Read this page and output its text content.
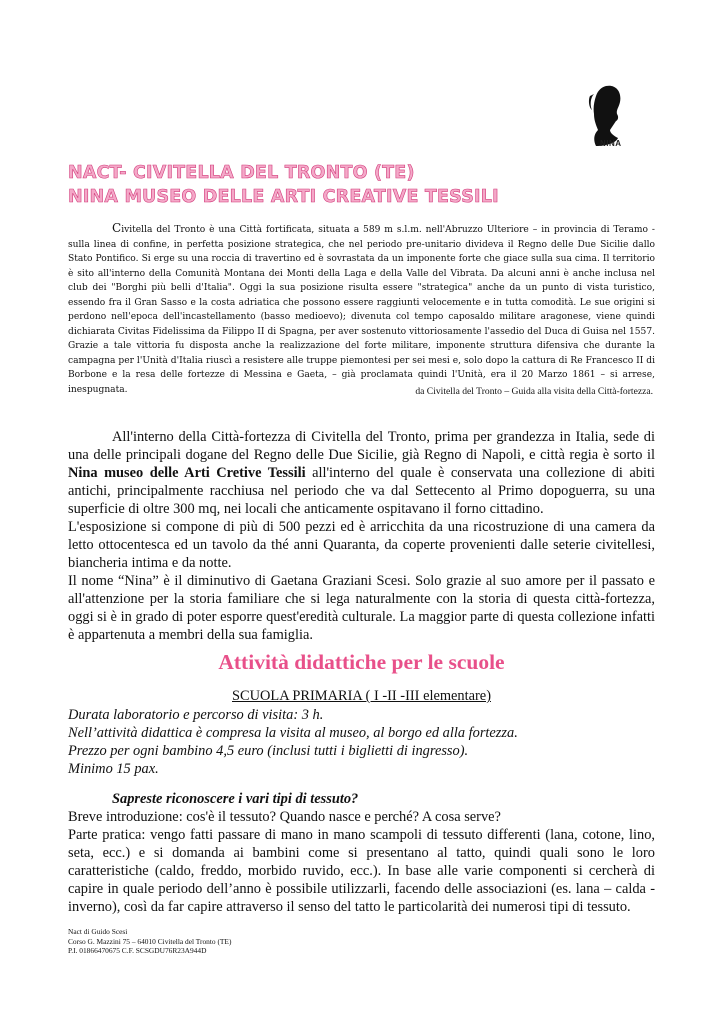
NINA
NACT- CIVITELLA DEL TRONTO (TE)
NINA MUSEO DELLE ARTI CREATIVE TESSILI
Civitella del Tronto è una Città fortificata, situata a 589 m s.l.m. nell'Abruzzo Ulteriore – in provincia di Teramo - sulla linea di confine, in perfetta posizione strategica, che nel periodo pre-unitario divideva il Regno delle Due Sicilie dallo Stato Pontifico. Si erge su una roccia di travertino ed è sovrastata da un imponente forte che giace sulla sua cima. Il territorio è sito all'interno della Comunità Montana dei Monti della Laga e della Valle del Vibrata. Da alcuni anni è anche inclusa nel club dei "Borghi più belli d'Italia". Oggi la sua posizione risulta essere "strategica" anche da un punto di vista turistico, essendo fra il Gran Sasso e la costa adriatica che possono essere raggiunti velocemente e in tutta comodità. Le sue origini si perdono nell'epoca dell'incastellamento (basso medioevo); divenuta col tempo caposaldo militare aragonese, viene quindi dichiarata Civitas Fidelissima da Filippo II di Spagna, per aver sostenuto vittoriosamente l'assedio del Duca di Guisa nel 1557. Grazie a tale vittoria fu disposta anche la realizzazione del forte militare, imponente struttura difensiva che durante la campagna per l'Unità d'Italia riuscì a resistere alle truppe piemontesi per sei mesi e, solo dopo la cattura di Re Francesco II di Borbone e la resa delle fortezze di Messina e Gaeta, – già proclamata quindi l'Unità, era il 20 Marzo 1861 – si arrese, inespugnata.	da Civitella del Tronto – Guida alla visita della Città-fortezza.

All'interno della Città-fortezza di Civitella del Tronto, prima per grandezza in Italia, sede di una delle principali dogane del Regno delle Due Sicilie, già Regno di Napoli, e città regia è sorto il Nina museo delle Arti Cretive Tessili all'interno del quale è conservata una collezione di abiti antichi, principalmente racchiusa nel periodo che va dal Settecento al Primo dopoguerra, su una superficie di oltre 300 mq, nei locali che anticamente ospitavano il forno cittadino.

L'esposizione si compone di più di 500 pezzi ed è arricchita da una ricostruzione di una camera da letto ottocentesca ed un tavolo da thé anni Quaranta, da coperte provenienti dalle seterie civitellesi, biancheria intima e da notte.

Il nome “Nina” è il diminutivo di Gaetana Graziani Scesi. Solo grazie al suo amore per il passato e all'attenzione per la storia familiare che si lega naturalmente con la storia di questa città-fortezza, oggi si è in grado di poter esporre quest'eredità culturale. La maggior parte di questa collezione infatti è appartenuta a membri della sua famiglia.

Attività didattiche per le scuole
SCUOLA PRIMARIA ( I -II -III elementare)
Durata laboratorio e percorso di visita: 3 h.
Nell’attività didattica è compresa la visita al museo, al borgo ed alla fortezza.
Prezzo per ogni bambino 4,5 euro (inclusi tutti i biglietti di ingresso).
Minimo 15 pax.
Sapreste riconoscere i vari tipi di tessuto?

Breve introduzione: cos'è il tessuto? Quando nasce e perché? A cosa serve?

Parte pratica: vengo fatti passare di mano in mano scampoli di tessuto differenti (lana, cotone, lino, seta, ecc.) e si domanda ai bambini come si presentano al tatto, quindi quali sono le loro caratteristiche (caldo, freddo, morbido ruvido, ecc.). In base alle varie componenti si cercherà di capire in quale periodo dell’anno è possibile utilizzarli, facendo delle associazioni (es. lana – calda - inverno), così da far capire attraverso il senso del tatto le particolarità dei numerosi tipi di tessuto.

Nact di Guido Scesi
Corso G. Mazzini 75 – 64010 Civitella del Tronto (TE)
P.I. 01866470675 C.F. SCSGDU76R23A944D
